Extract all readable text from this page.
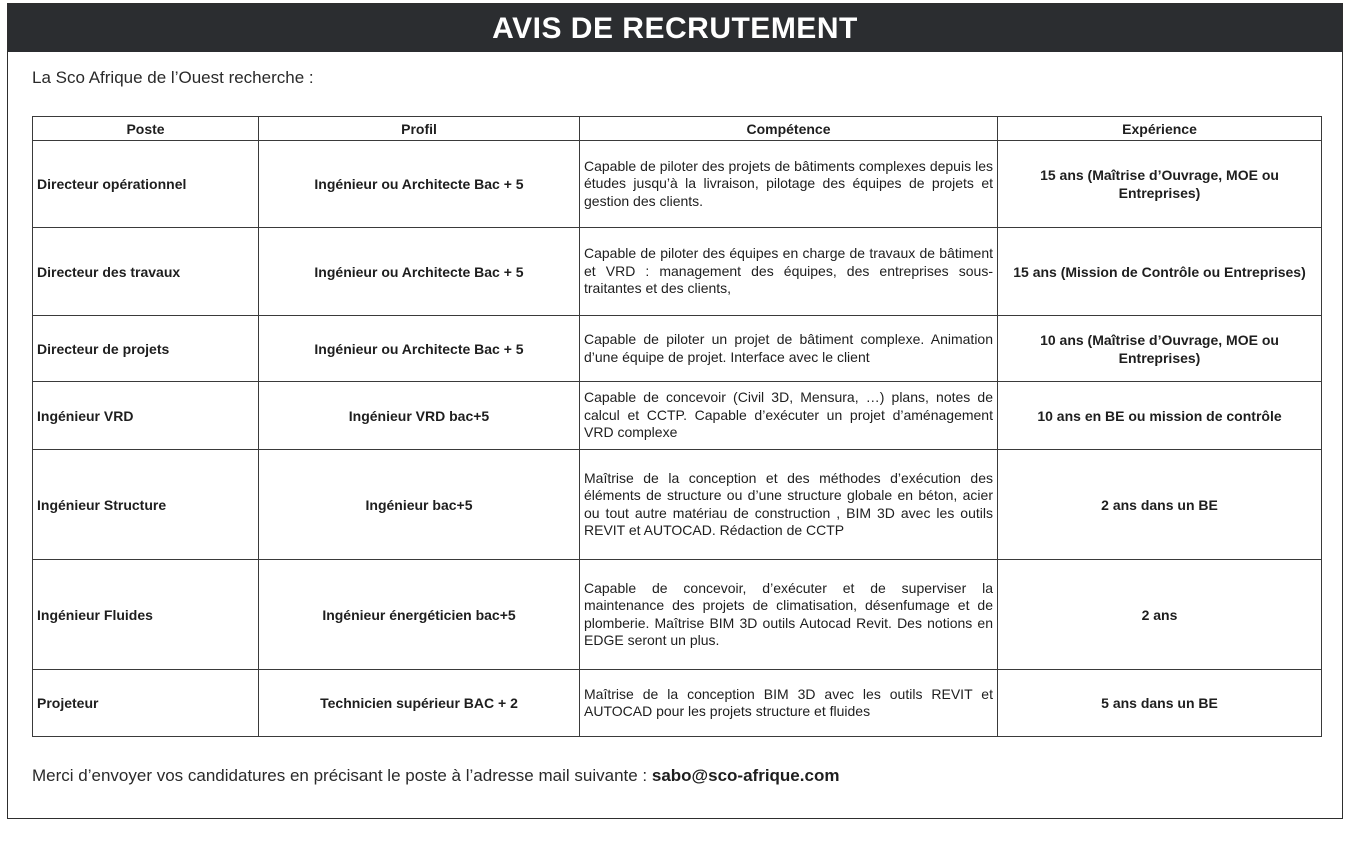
AVIS DE RECRUTEMENT
La Sco Afrique de l’Ouest recherche :
Poste	Profil	Compétence	Expérience
Directeur opérationnel	Ingénieur ou Architecte Bac + 5	Capable de piloter des projets de bâtiments complexes depuis les études jusqu’à la livraison, pilotage des équipes de projets et gestion des clients.	15 ans (Maîtrise d’Ouvrage, MOE ou Entreprises)
Directeur des travaux	Ingénieur ou Architecte Bac + 5	Capable de piloter des équipes en charge de travaux de bâtiment et VRD : management des équipes, des entreprises sous-traitantes et des clients,	15 ans (Mission de Contrôle ou Entreprises)
Directeur de projets	Ingénieur ou Architecte Bac + 5	Capable de piloter un projet de bâtiment complexe. Animation d’une équipe de projet. Interface avec le client	10 ans (Maîtrise d’Ouvrage, MOE ou Entreprises)
Ingénieur VRD	Ingénieur VRD bac+5	Capable de concevoir (Civil 3D, Mensura, …) plans, notes de calcul et CCTP. Capable d’exécuter un projet d’aménagement VRD complexe	10 ans en BE ou mission de contrôle
Ingénieur Structure	Ingénieur bac+5	Maîtrise de la conception et des méthodes d’exécution des éléments de structure ou d’une structure globale en béton, acier ou tout autre matériau de construction , BIM 3D avec les outils REVIT et AUTOCAD. Rédaction de CCTP	2 ans dans un BE
Ingénieur Fluides	Ingénieur énergéticien bac+5	Capable de concevoir, d’exécuter et de superviser la maintenance des projets de climatisation, désenfumage et de plomberie. Maîtrise BIM 3D outils Autocad Revit. Des notions en EDGE seront un plus.	2 ans
Projeteur	Technicien supérieur BAC + 2	Maîtrise de la conception BIM 3D avec les outils REVIT et AUTOCAD pour les projets structure et fluides	5 ans dans un BE
Merci d’envoyer vos candidatures en précisant le poste à l’adresse mail suivante : sabo@sco-afrique.com
